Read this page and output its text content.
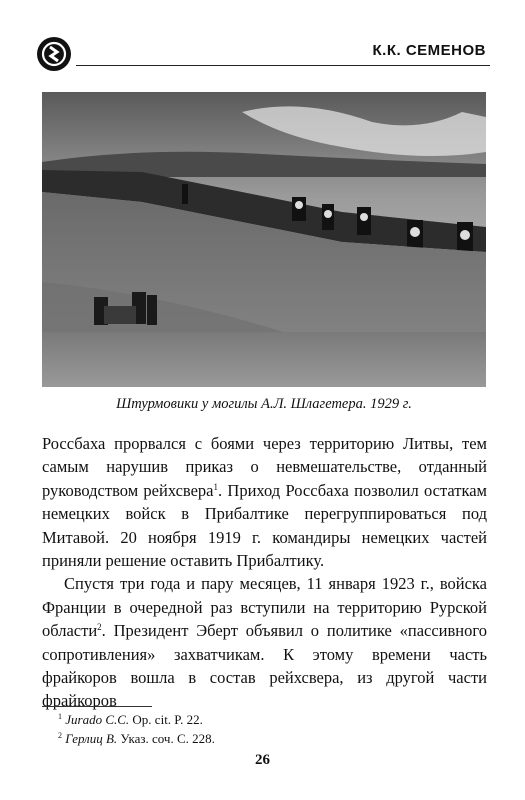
К.К. СЕМЕНОВ
Штурмовики у могилы А.Л. Шлагетера. 1929 г.

Россбаха прорвался с боями через территорию Литвы, тем самым нарушив приказ о невмешательстве, отданный руководством рейхсвера$^1$. Приход Россбаха позволил остаткам немецких войск в Прибалтике перегруппироваться под Митавой. 20 ноября 1919 г. командиры немецких частей приняли решение оставить Прибалтику.

Спустя три года и пару месяцев, 11 января 1923 г., войска Франции в очередной раз вступили на территорию Рурской области$^2$. Президент Эберт объявил о политике «пассивного сопротивления» захватчикам. К этому времени часть фрайкоров вошла в состав рейхсвера, из другой части фрайкоров

$^1$ Jurado C.C. Op. cit. P. 22.
$^2$ Герлиц В. Указ. соч. С. 228.
26
